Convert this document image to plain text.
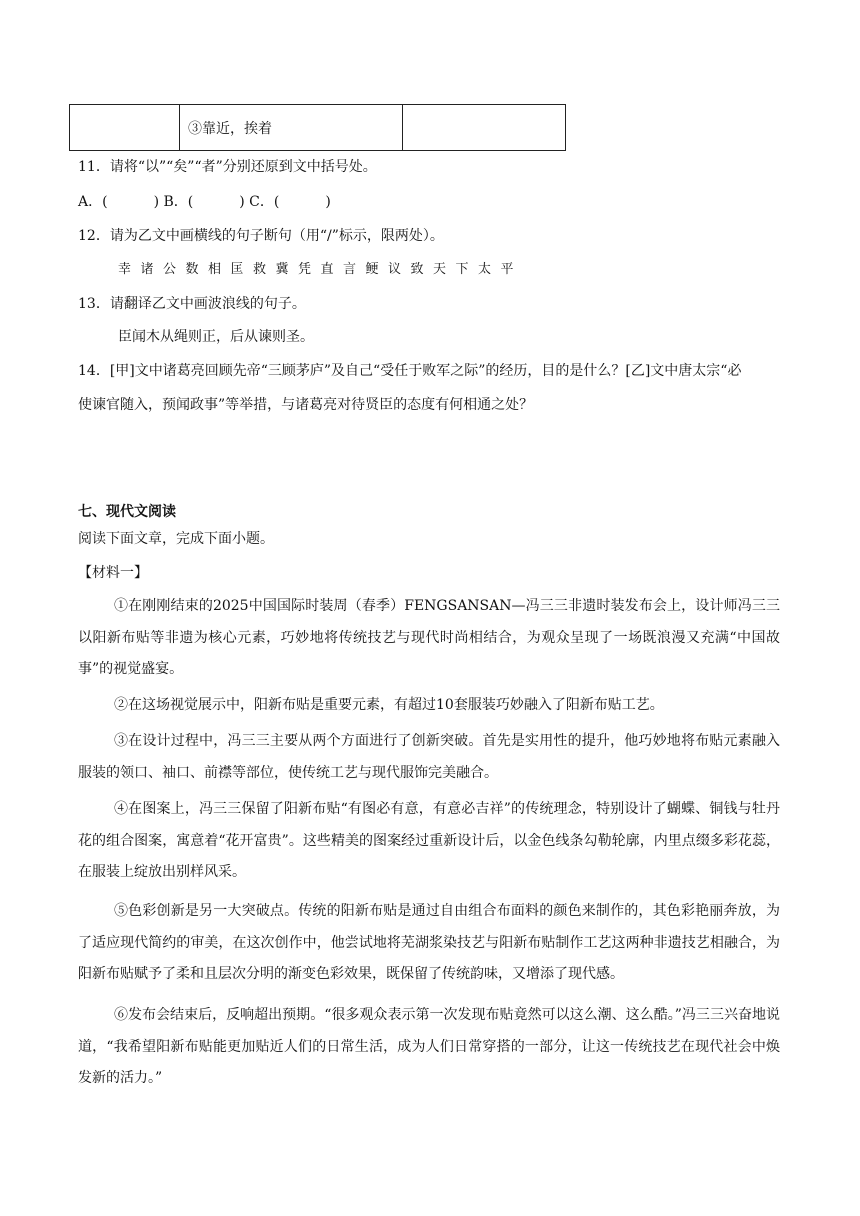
	③靠近，挨着	
11．请将“以”“矣”“者”分别还原到文中括号处。
A．(	) B．(	) C．(	)
12．请为乙文中画横线的句子断句（用“/”标示，限两处）。
幸诸公数相匡救冀凭直言鲠议致天下太平
13．请翻译乙文中画波浪线的句子。
臣闻木从绳则正，后从谏则圣。
14．[甲]文中诸葛亮回顾先帝“三顾茅庐”及自己“受任于败军之际”的经历，目的是什么？[乙]文中唐太宗“必
使谏官随入，预闻政事”等举措，与诸葛亮对待贤臣的态度有何相通之处？
七、现代文阅读
阅读下面文章，完成下面小题。
【材料一】
①在刚刚结束的2025中国国际时装周（春季）FENGSANSAN—冯三三非遗时装发布会上，设计师冯三三以阳新布贴等非遗为核心元素，巧妙地将传统技艺与现代时尚相结合，为观众呈现了一场既浪漫又充满“中国故事”的视觉盛宴。
②在这场视觉展示中，阳新布贴是重要元素，有超过10套服装巧妙融入了阳新布贴工艺。
③在设计过程中，冯三三主要从两个方面进行了创新突破。首先是实用性的提升，他巧妙地将布贴元素融入服装的领口、袖口、前襟等部位，使传统工艺与现代服饰完美融合。
④在图案上，冯三三保留了阳新布贴“有图必有意，有意必吉祥”的传统理念，特别设计了蝴蝶、铜钱与牡丹花的组合图案，寓意着“花开富贵”。这些精美的图案经过重新设计后，以金色线条勾勒轮廓，内里点缀多彩花蕊，在服装上绽放出别样风采。
⑤色彩创新是另一大突破点。传统的阳新布贴是通过自由组合布面料的颜色来制作的，其色彩艳丽奔放，为了适应现代简约的审美，在这次创作中，他尝试地将芜湖浆染技艺与阳新布贴制作工艺这两种非遗技艺相融合，为阳新布贴赋予了柔和且层次分明的渐变色彩效果，既保留了传统韵味，又增添了现代感。
⑥发布会结束后，反响超出预期。“很多观众表示第一次发现布贴竟然可以这么潮、这么酷。”冯三三兴奋地说道，“我希望阳新布贴能更加贴近人们的日常生活，成为人们日常穿搭的一部分，让这一传统技艺在现代社会中焕发新的活力。”
